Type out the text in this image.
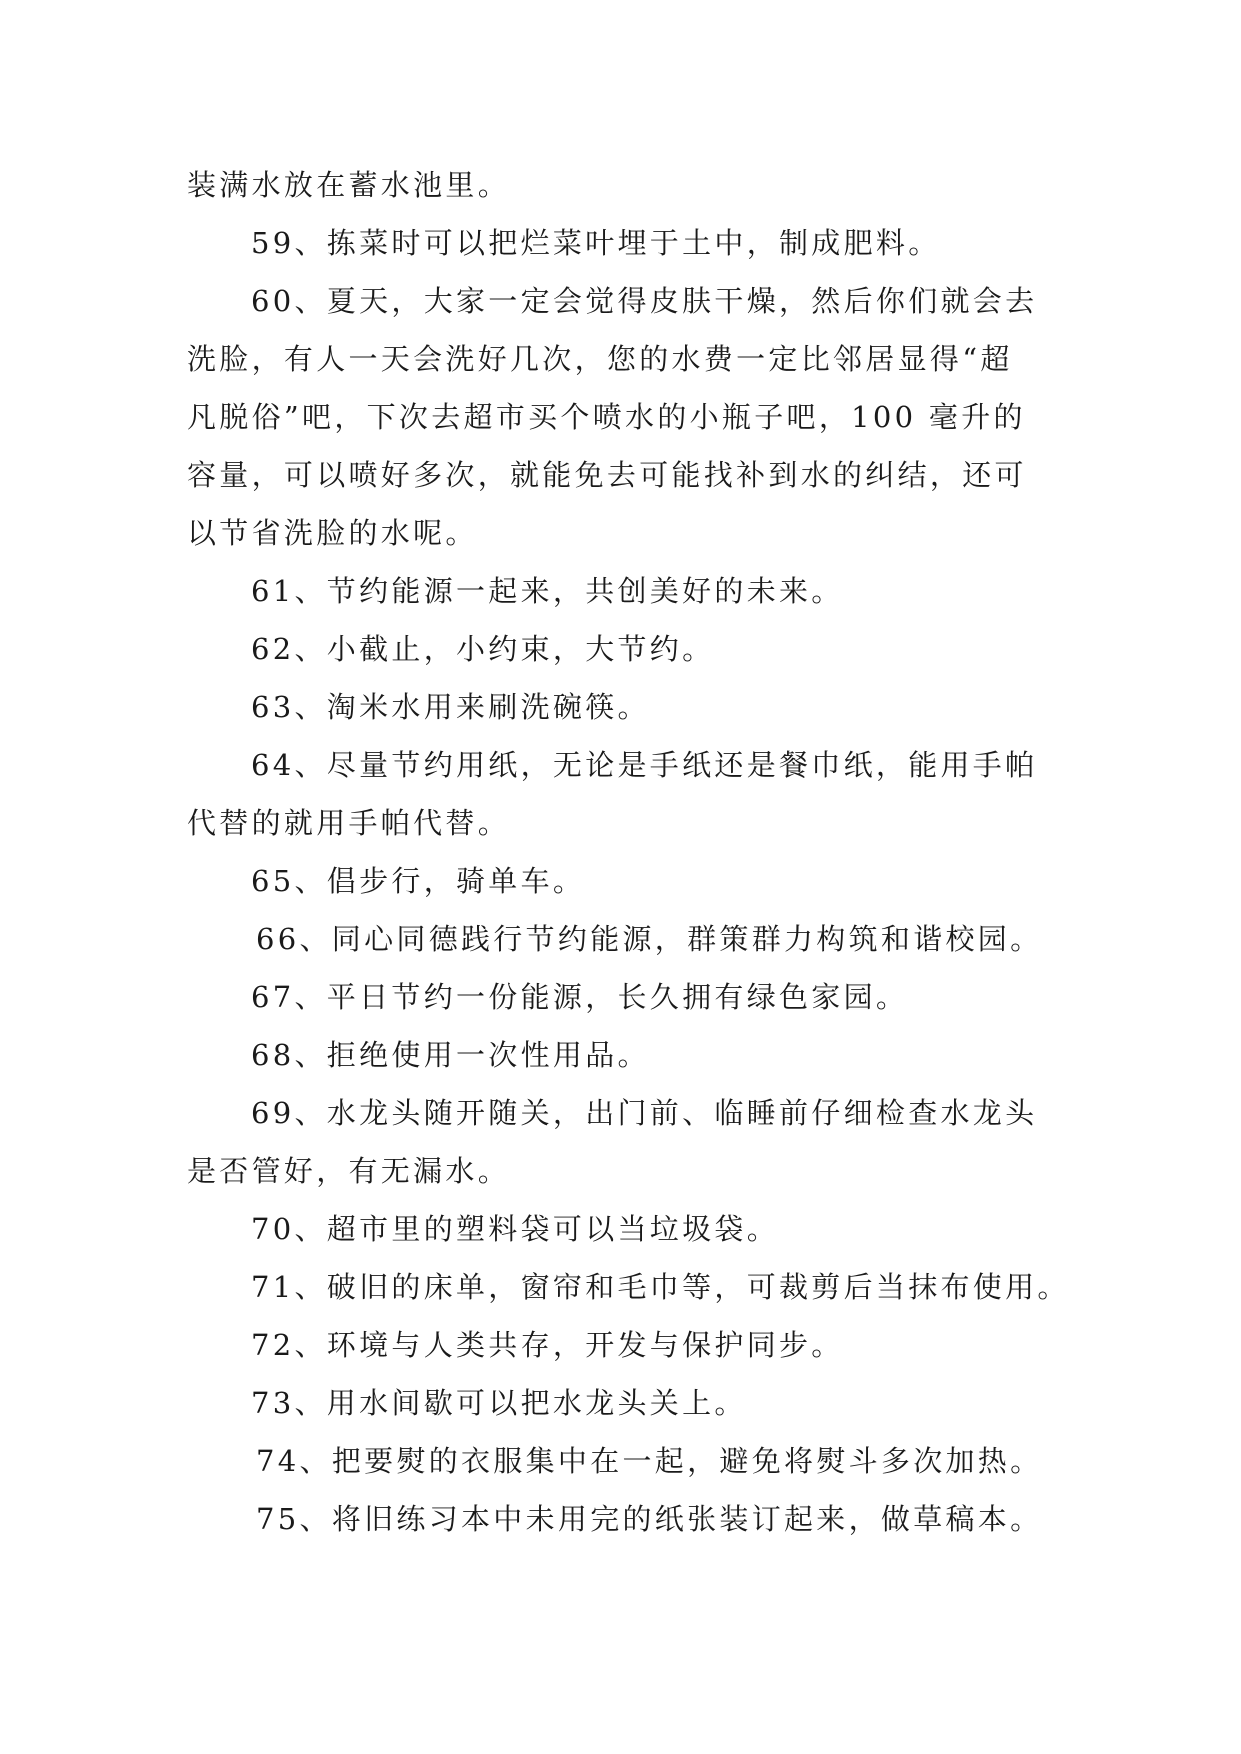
装满水放在蓄水池里。
59、拣菜时可以把烂菜叶埋于土中，制成肥料。
60、夏天，大家一定会觉得皮肤干燥，然后你们就会去
洗脸，有人一天会洗好几次，您的水费一定比邻居显得“超
凡脱俗”吧，下次去超市买个喷水的小瓶子吧，100 毫升的
容量，可以喷好多次，就能免去可能找补到水的纠结，还可
以节省洗脸的水呢。
61、节约能源一起来，共创美好的未来。
62、小截止，小约束，大节约。
63、淘米水用来刷洗碗筷。
64、尽量节约用纸，无论是手纸还是餐巾纸，能用手帕
代替的就用手帕代替。
65、倡步行，骑单车。
66、同心同德践行节约能源，群策群力构筑和谐校园。
67、平日节约一份能源，长久拥有绿色家园。
68、拒绝使用一次性用品。
69、水龙头随开随关，出门前、临睡前仔细检查水龙头
是否管好，有无漏水。
70、超市里的塑料袋可以当垃圾袋。
71、破旧的床单，窗帘和毛巾等，可裁剪后当抹布使用。
72、环境与人类共存，开发与保护同步。
73、用水间歇可以把水龙头关上。
74、把要熨的衣服集中在一起，避免将熨斗多次加热。
75、将旧练习本中未用完的纸张装订起来，做草稿本。
